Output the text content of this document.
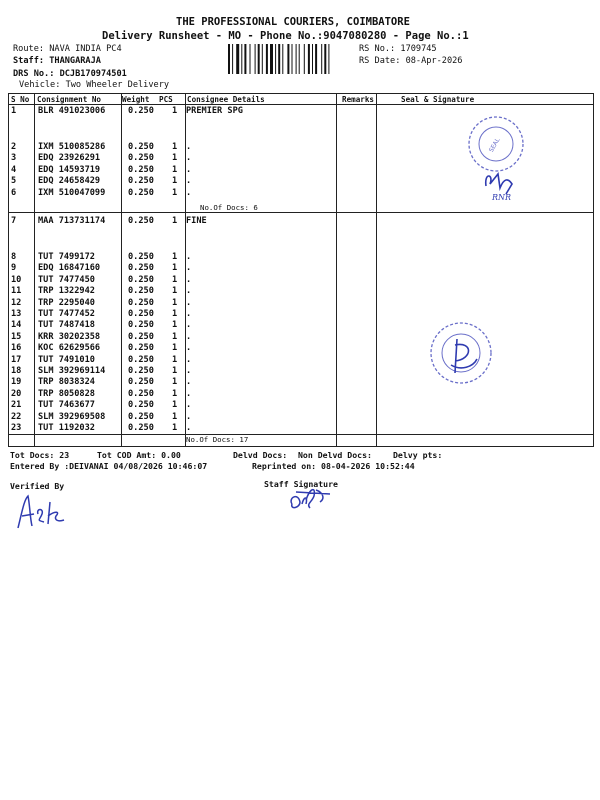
THE PROFESSIONAL COURIERS, COIMBATORE
Delivery Runsheet - MO - Phone No.:9047080280 - Page No.:1
Route: NAVA INDIA PC4
Staff: THANGARAJA
DRS No.: DCJB170974501
Vehicle: Two Wheeler Delivery
RS No.: 1709745
RS Date: 08-Apr-2026
S No Consignment No	Weight PCS Consignee Details	Remarks	Seal & Signature
1	BLR 491023006	0.250 1 PREMIER SPG
2	IXM 510085286	0.250 1 .
3	EDQ 23926291	0.250 1 .
4	EDQ 14593719	0.250 1 .
5	EDQ 24658429	0.250 1 .
6	IXM 510047099	0.250 1 .
7	MAA 713731174	0.250 1 FINE
8	TUT 7499172	0.250 1 .
9	EDQ 16847160	0.250 1 .
10 TUT 7477450	0.250 1 .
11 TRP 1322942	0.250 1 .
12 TRP 2295040	0.250 1 .
13 TUT 7477452	0.250 1 .
14 TUT 7487418	0.250 1 .
15 KRR 30202358	0.250 1 .
16 KOC 62629566	0.250 1 .
17 TUT 7491010	0.250 1 .
18 SLM 392969114	0.250 1 .
19 TRP 8038324	0.250 1 .
20 TRP 8050828	0.250 1 .
21 TUT 7463677	0.250 1 .
22 SLM 392969508	0.250 1 .
23 TUT 1192032	0.250 1 .
No.Of Docs: 6
No.Of Docs: 17
SEAL
RNR
Tot Docs: 23	Tot COD Amt: 0.00	Delvd Docs: Non Delvd Docs:	Delvy pts:
Entered By :DEIVANAI 04/08/2026 10:46:07	Reprinted on: 08-04-2026 10:52:44
Verified By	Staff Signature
